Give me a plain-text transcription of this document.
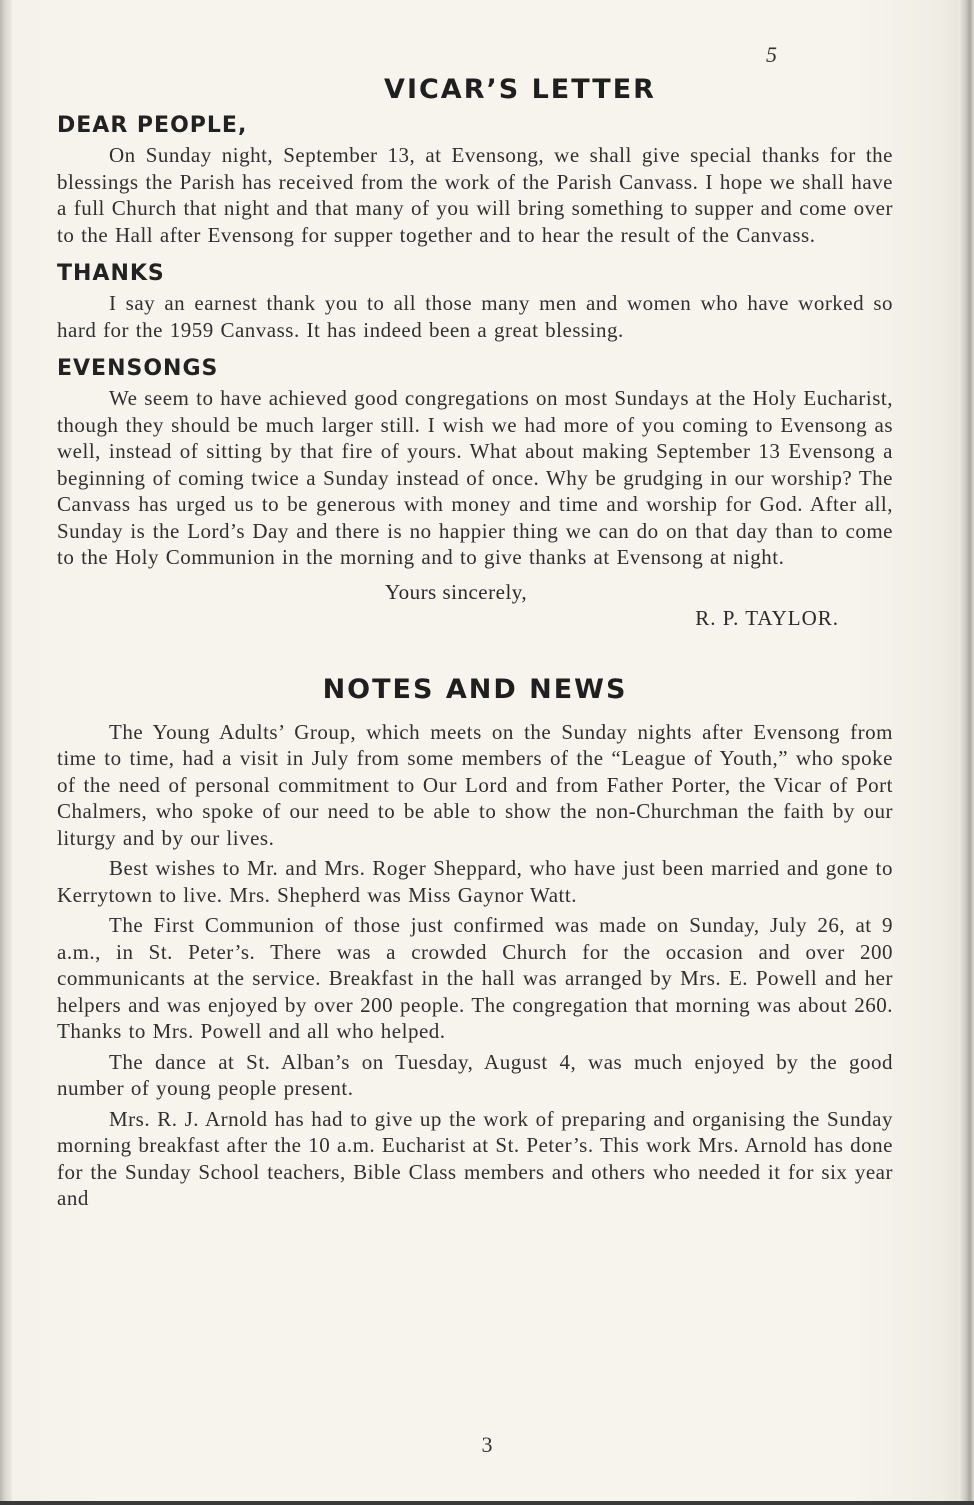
5
VICAR’S LETTER
DEAR PEOPLE,

On Sunday night, September 13, at Evensong, we shall give special thanks for the blessings the Parish has received from the work of the Parish Canvass. I hope we shall have a full Church that night and that many of you will bring something to supper and come over to the Hall after Evensong for supper together and to hear the result of the Canvass.

THANKS

I say an earnest thank you to all those many men and women who have worked so hard for the 1959 Canvass. It has indeed been a great blessing.

EVENSONGS

We seem to have achieved good congregations on most Sundays at the Holy Eucharist, though they should be much larger still. I wish we had more of you coming to Evensong as well, instead of sitting by that fire of yours. What about making September 13 Evensong a beginning of coming twice a Sunday instead of once. Why be grudging in our worship? The Canvass has urged us to be generous with money and time and worship for God. After all, Sunday is the Lord’s Day and there is no happier thing we can do on that day than to come to the Holy Communion in the morning and to give thanks at Evensong at night.

Yours sincerely,

R. P. TAYLOR.

NOTES AND NEWS

The Young Adults’ Group, which meets on the Sunday nights after Evensong from time to time, had a visit in July from some members of the “League of Youth,” who spoke of the need of personal commitment to Our Lord and from Father Porter, the Vicar of Port Chalmers, who spoke of our need to be able to show the non-Churchman the faith by our liturgy and by our lives.

Best wishes to Mr. and Mrs. Roger Sheppard, who have just been married and gone to Kerrytown to live. Mrs. Shepherd was Miss Gaynor Watt.

The First Communion of those just confirmed was made on Sunday, July 26, at 9 a.m., in St. Peter’s. There was a crowded Church for the occasion and over 200 communicants at the service. Breakfast in the hall was arranged by Mrs. E. Powell and her helpers and was enjoyed by over 200 people. The congregation that morning was about 260. Thanks to Mrs. Powell and all who helped.

The dance at St. Alban’s on Tuesday, August 4, was much enjoyed by the good number of young people present.

Mrs. R. J. Arnold has had to give up the work of preparing and organising the Sunday morning breakfast after the 10 a.m. Eucharist at St. Peter’s. This work Mrs. Arnold has done for the Sunday School teachers, Bible Class members and others who needed it for six year and

3
